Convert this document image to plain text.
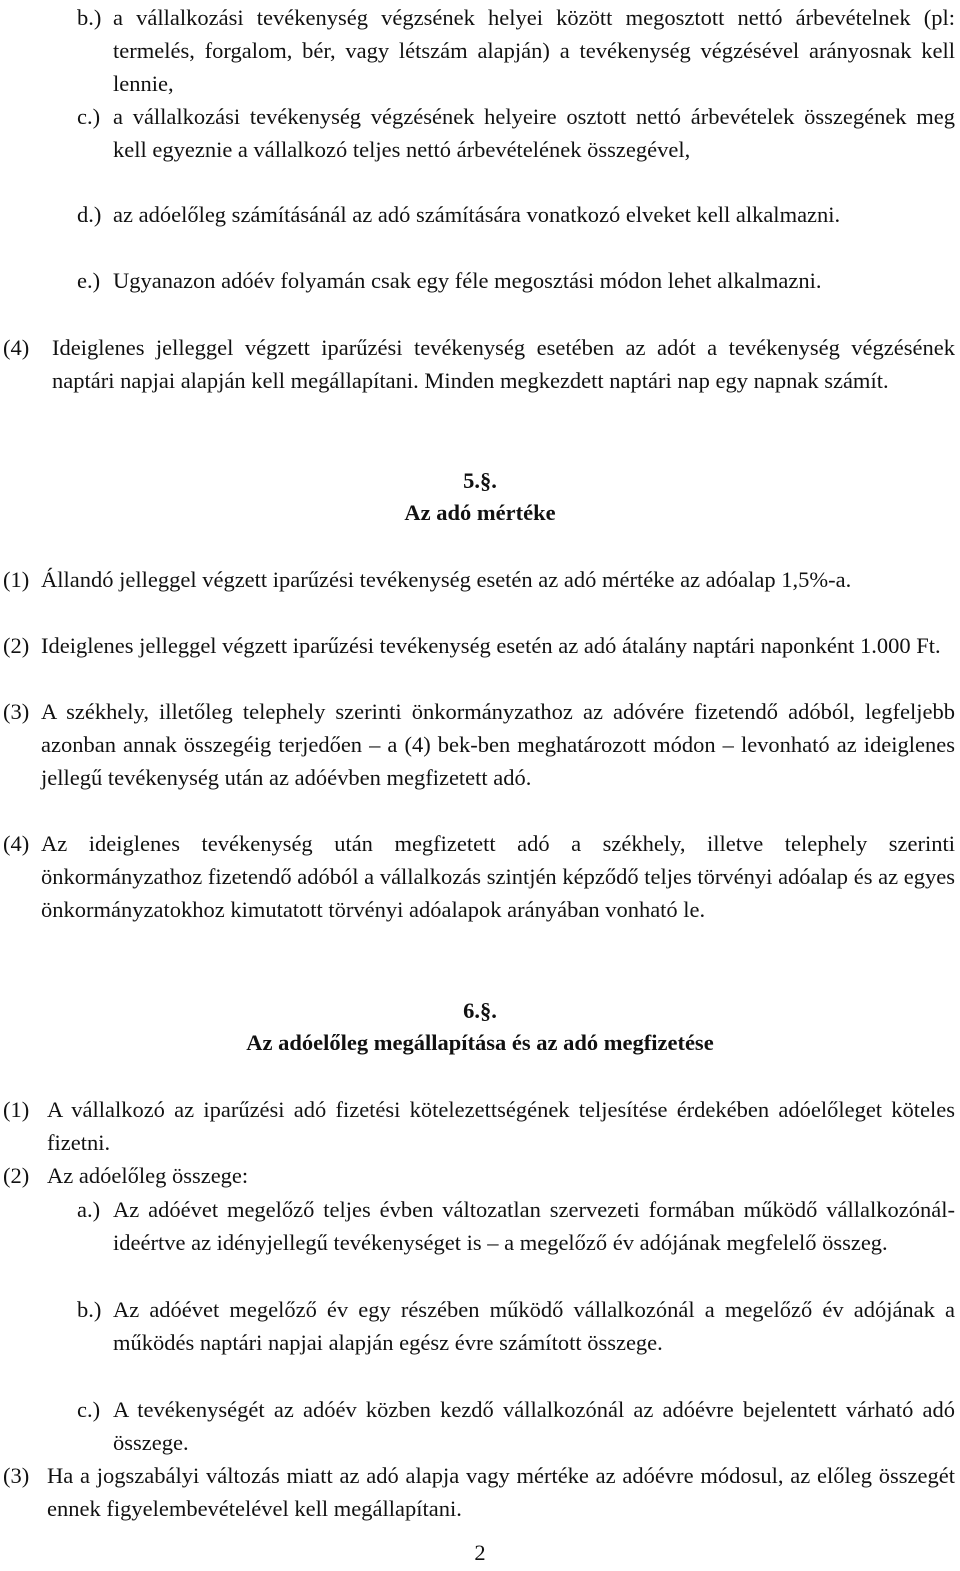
b.) a vállalkozási tevékenység végzsének helyei között megosztott nettó árbevételnek (pl: termelés, forgalom, bér, vagy létszám alapján) a tevékenység végzésével arányosnak kell lennie,
c.) a vállalkozási tevékenység végzésének helyeire osztott nettó árbevételek összegének meg kell egyeznie a vállalkozó teljes nettó árbevételének összegével,
d.) az adóelőleg számításánál az adó számítására vonatkozó elveket kell alkalmazni.
e.) Ugyanazon adóév folyamán csak egy féle megosztási módon lehet alkalmazni.
(4)	Ideiglenes jelleggel végzett iparűzési tevékenység esetében az adót a tevékenység végzésének naptári napjai alapján kell megállapítani. Minden megkezdett naptári nap egy napnak számít.
5.§.
Az adó mértéke
(1) Állandó jelleggel végzett iparűzési tevékenység esetén az adó mértéke az adóalap 1,5%-a.
(2) Ideiglenes jelleggel végzett iparűzési tevékenység esetén az adó átalány naptári naponként 1.000 Ft.
(3) A székhely, illetőleg telephely szerinti önkormányzathoz az adóvére fizetendő adóból, legfeljebb azonban annak összegéig terjedően – a (4) bek-ben meghatározott módon – levonható az ideiglenes jellegű tevékenység után az adóévben megfizetett adó.
(4) Az ideiglenes tevékenység után megfizetett adó a székhely, illetve telephely szerinti önkormányzathoz fizetendő adóból a vállalkozás szintjén képződő teljes törvényi adóalap és az egyes önkormányzatokhoz kimutatott törvényi adóalapok arányában vonható le.
6.§.
Az adóelőleg megállapítása és az adó megfizetése
(1) A vállalkozó az iparűzési adó fizetési kötelezettségének teljesítése érdekében adóelőleget köteles fizetni.
(2) Az adóelőleg összege:
a.) Az adóévet megelőző teljes évben változatlan szervezeti formában működő vállalkozónál- ideértve az idényjellegű tevékenységet is – a megelőző év adójának megfelelő összeg.
b.) Az adóévet megelőző év egy részében működő vállalkozónál a megelőző év adójának a működés naptári napjai alapján egész évre számított összege.
c.) A tevékenységét az adóév közben kezdő vállalkozónál az adóévre bejelentett várható adó összege.
(3) Ha a jogszabályi változás miatt az adó alapja vagy mértéke az adóévre módosul, az előleg összegét ennek figyelembevételével kell megállapítani.
2
